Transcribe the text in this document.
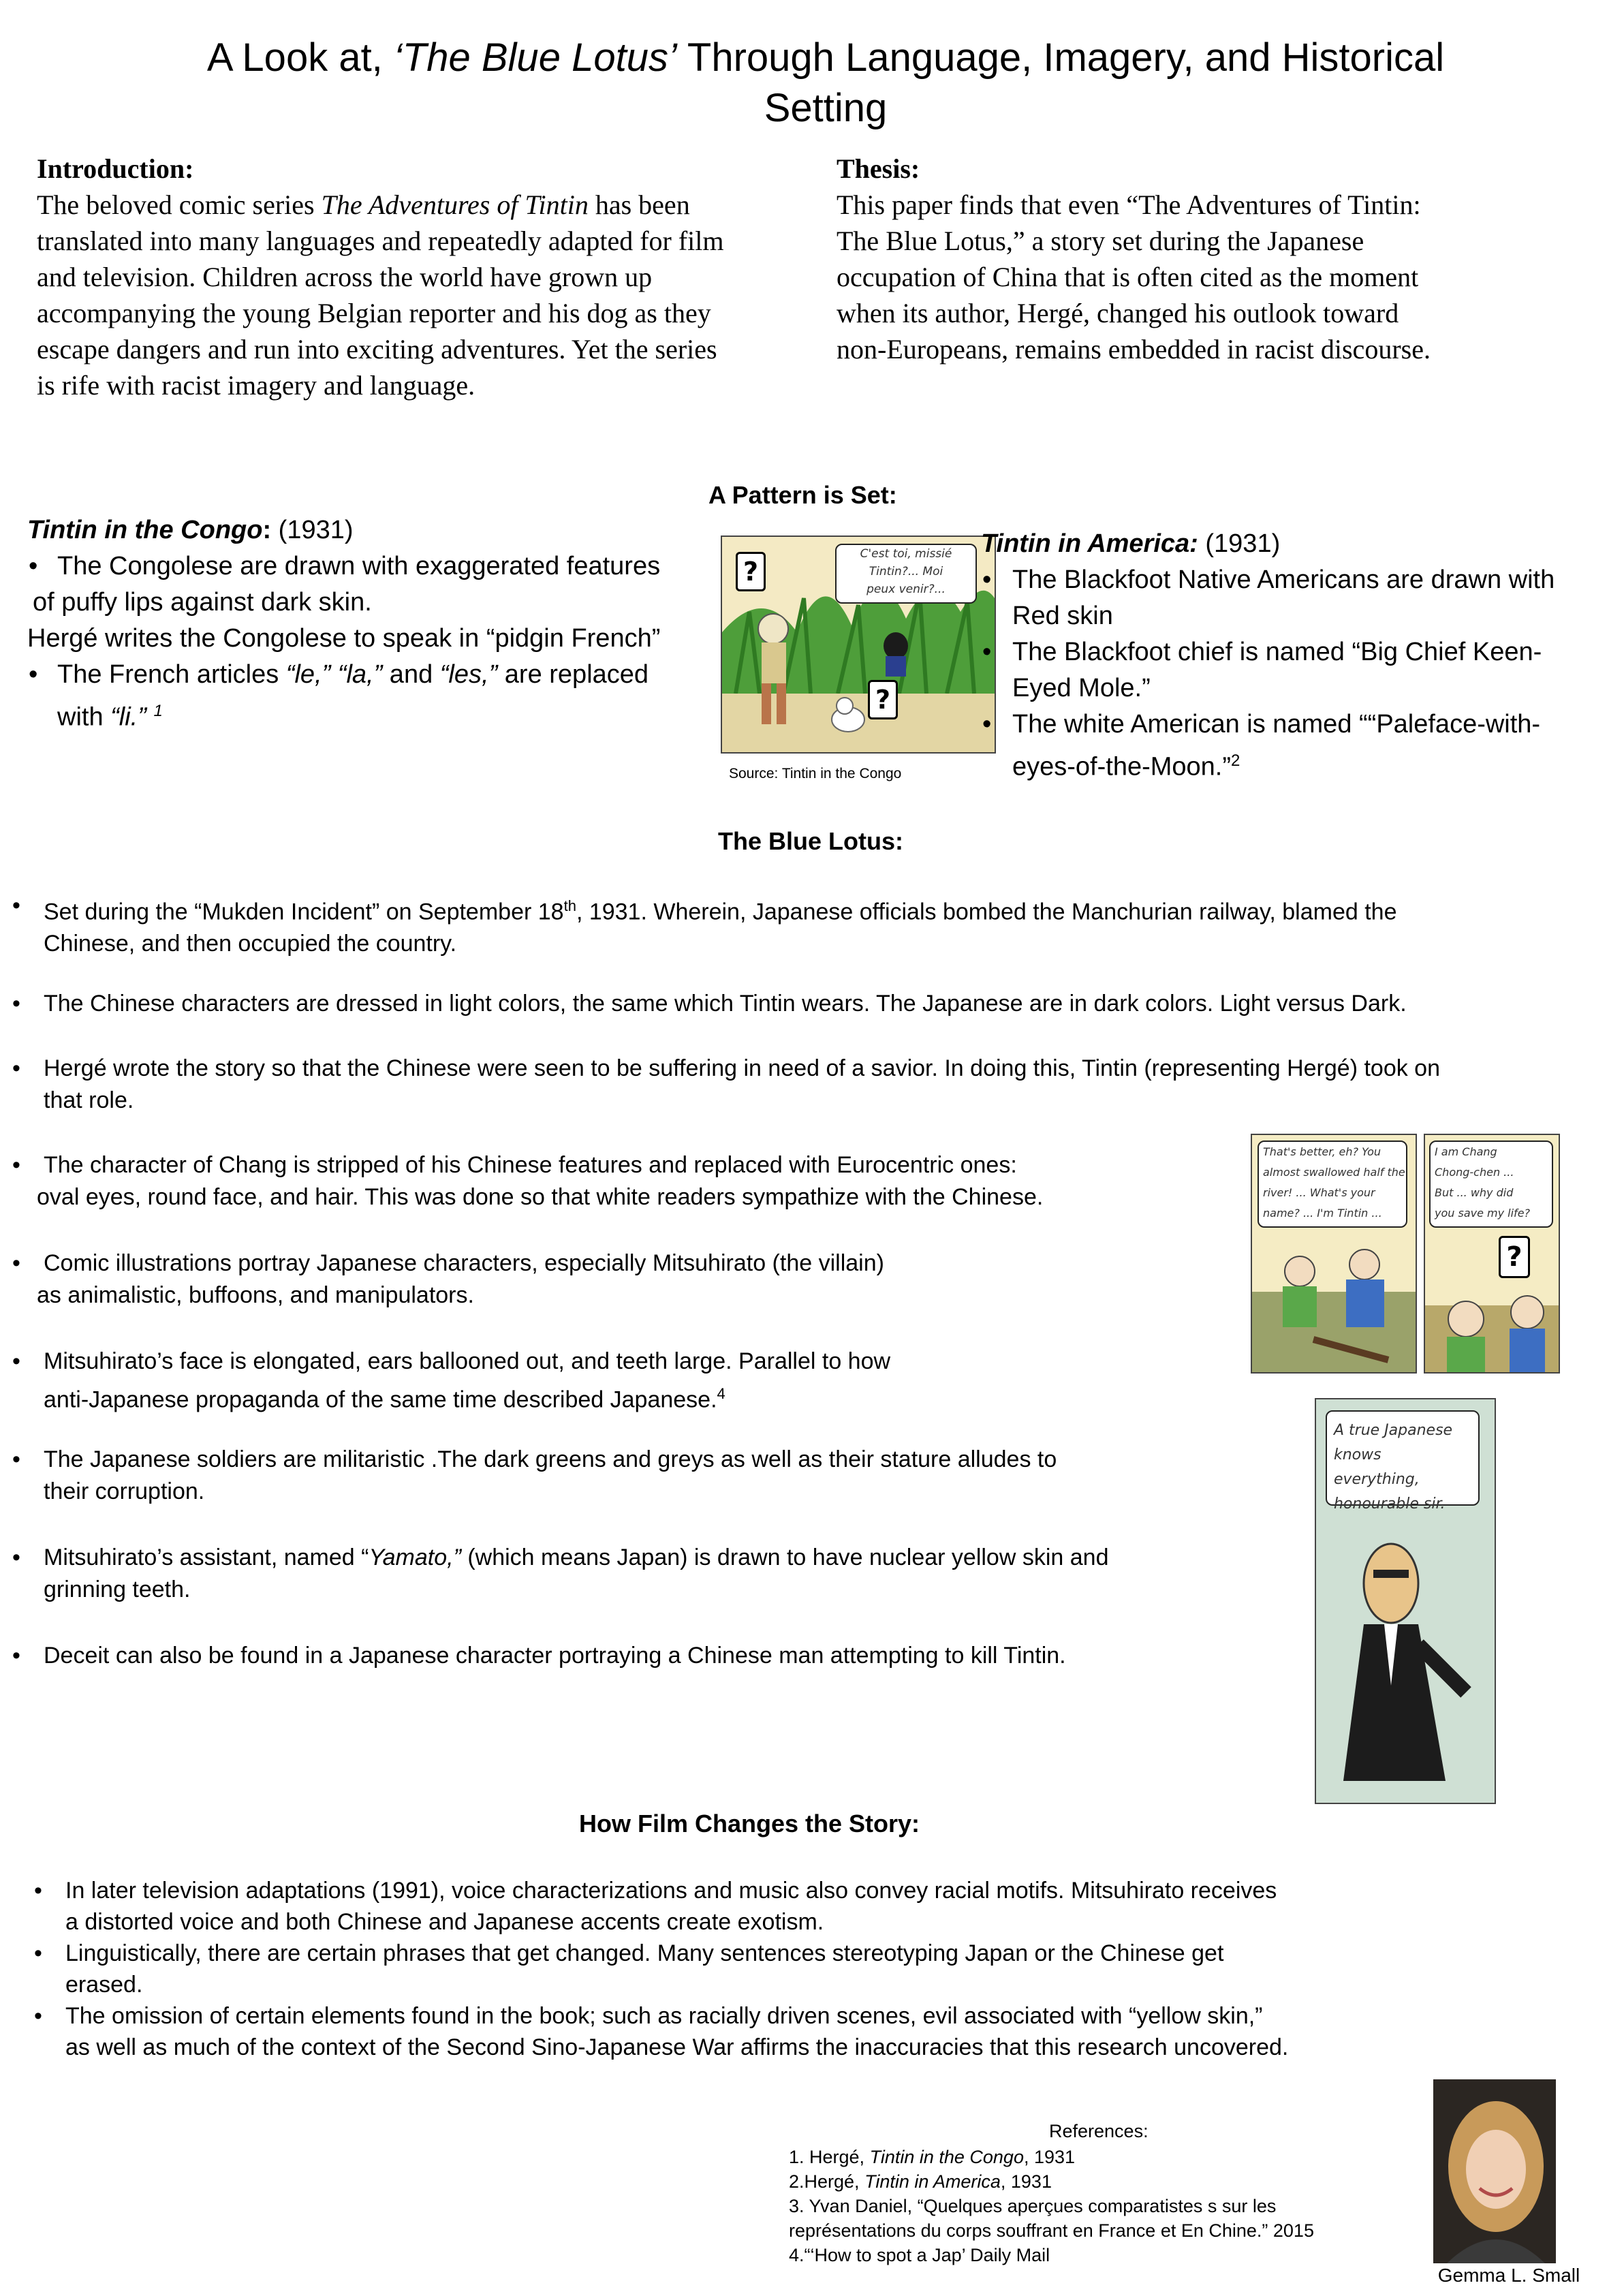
A Look at, ‘The Blue Lotus’ Through Language, Imagery, and Historical
Setting
Introduction:
The beloved comic series The Adventures of Tintin has been
translated into many languages and repeatedly adapted for film
and television. Children across the world have grown up
accompanying the young Belgian reporter and his dog as they
escape dangers and run into exciting adventures. Yet the series
is rife with racist imagery and language.
Thesis:
This paper finds that even “The Adventures of Tintin:
The Blue Lotus,” a story set during the Japanese
occupation of China that is often cited as the moment
when its author, Hergé, changed his outlook toward
non-Europeans, remains embedded in racist discourse.
A Pattern is Set:
Tintin in the Congo: (1931)
• The Congolese are drawn with exaggerated features
of puffy lips against dark skin.
Hergé writes the Congolese to speak in “pidgin French”
• The French articles “le,” “la,” and “les,” are replaced
with “li.” $^1$
C'est toi, missié
Tintin?... Moi
peux venir?...
?
?
Source: Tintin in the Congo
Tintin in America: (1931)
• The Blackfoot Native Americans are drawn with
Red skin
• The Blackfoot chief is named “Big Chief Keen-
Eyed Mole.”
• The white American is named ““Paleface-with-
eyes-of-the-Moon.”$^2$
The Blue Lotus:
• Set during the “Mukden Incident” on September 18th, 1931. Wherein, Japanese officials bombed the Manchurian railway, blamed the
Chinese, and then occupied the country.
• The Chinese characters are dressed in light colors, the same which Tintin wears. The Japanese are in dark colors. Light versus Dark.
• Hergé wrote the story so that the Chinese were seen to be suffering in need of a savior. In doing this, Tintin (representing Hergé) took on
that role.
• The character of Chang is stripped of his Chinese features and replaced with Eurocentric ones:
oval eyes, round face, and hair. This was done so that white readers sympathize with the Chinese.
• Comic illustrations portray Japanese characters, especially Mitsuhirato (the villain)
as animalistic, buffoons, and manipulators.
• Mitsuhirato’s face is elongated, ears ballooned out, and teeth large. Parallel to how
anti-Japanese propaganda of the same time described Japanese.$^4$
• The Japanese soldiers are militaristic .The dark greens and greys as well as their stature alludes to
their corruption.
• Mitsuhirato’s assistant, named “Yamato,” (which means Japan) is drawn to have nuclear yellow skin and
grinning teeth.
• Deceit can also be found in a Japanese character portraying a Chinese man attempting to kill Tintin.
That's better, eh? You
almost swallowed half the
river! ... What's your
name? ... I'm Tintin ...
I am Chang
Chong-chen ...
But ... why did
you save my life?
?
A true Japanese
knows everything,
honourable sir.
How Film Changes the Story:
• In later television adaptations (1991), voice characterizations and music also convey racial motifs. Mitsuhirato receives
a distorted voice and both Chinese and Japanese accents create exotism.
• Linguistically, there are certain phrases that get changed. Many sentences stereotyping Japan or the Chinese get
erased.
• The omission of certain elements found in the book; such as racially driven scenes, evil associated with “yellow skin,”
as well as much of the context of the Second Sino-Japanese War affirms the inaccuracies that this research uncovered.
References:
1. Hergé, Tintin in the Congo, 1931
2.Hergé, Tintin in America, 1931
3. Yvan Daniel, “Quelques aperçues comparatistes s sur les
représentations du corps souffrant en France et En Chine.” 2015
4.“‘How to spot a Jap’ Daily Mail
Gemma L. Small
